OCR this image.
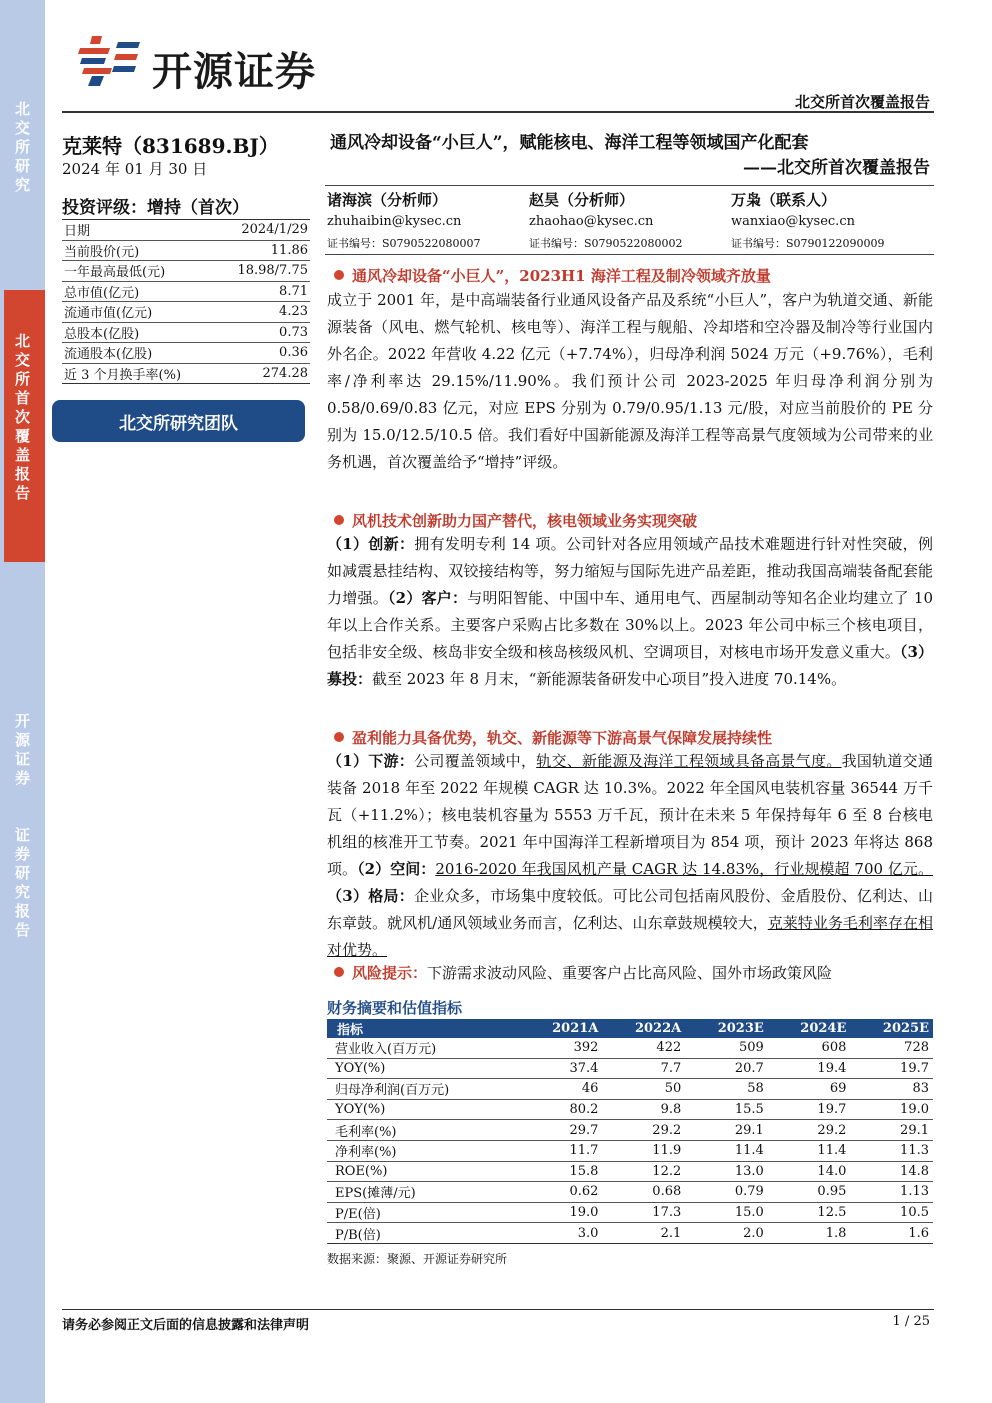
北
交
所
研
究

北
交
所
首
次
覆
盖
报
告

开
源
证
券

证
券
研
究
报
告

开源证券
北交所首次覆盖报告
克莱特（831689.BJ）
2024 年 01 月 30 日
投资评级：增持（首次）
日期	2024/1/29
当前股价(元)	11.86
一年最高最低(元)	18.98/7.75
总市值(亿元)	8.71
流通市值(亿元)	4.23
总股本(亿股)	0.73
流通股本(亿股)	0.36
近 3 个月换手率(%)	274.28
北交所研究团队
通风冷却设备“小巨人”，赋能核电、海洋工程等领域国产化配套
——北交所首次覆盖报告
诸海滨（分析师）
zhuhaibin@kysec.cn
证书编号：S0790522080007
赵昊（分析师）
zhaohao@kysec.cn
证书编号：S0790522080002
万枭（联系人）
wanxiao@kysec.cn
证书编号：S0790122090009
通风冷却设备“小巨人”，2023H1 海洋工程及制冷领域齐放量
成立于 2001 年，是中高端装备行业通风设备产品及系统“小巨人”，客户为轨道交通、新能源装备（风电、燃气轮机、核电等）、海洋工程与舰船、冷却塔和空冷器及制冷等行业国内外名企。2022 年营收 4.22 亿元（+7.74%），归母净利润 5024 万元（+9.76%），毛利率/净利率达 29.15%/11.90%。我们预计公司 2023-2025 年归母净利润分别为 0.58/0.69/0.83 亿元，对应 EPS 分别为 0.79/0.95/1.13 元/股，对应当前股价的 PE 分别为 15.0/12.5/10.5 倍。我们看好中国新能源及海洋工程等高景气度领域为公司带来的业务机遇，首次覆盖给予“增持”评级。
风机技术创新助力国产替代，核电领域业务实现突破
（1）创新：拥有发明专利 14 项。公司针对各应用领域产品技术难题进行针对性突破，例如减震悬挂结构、双铰接结构等，努力缩短与国际先进产品差距，推动我国高端装备配套能力增强。（2）客户：与明阳智能、中国中车、通用电气、西屋制动等知名企业均建立了 10 年以上合作关系。主要客户采购占比多数在 30%以上。2023 年公司中标三个核电项目，包括非安全级、核岛非安全级和核岛核级风机、空调项目，对核电市场开发意义重大。（3）募投：截至 2023 年 8 月末，“新能源装备研发中心项目”投入进度 70.14%。
盈利能力具备优势，轨交、新能源等下游高景气保障发展持续性
（1）下游：公司覆盖领域中，轨交、新能源及海洋工程领域具备高景气度。我国轨道交通装备 2018 年至 2022 年规模 CAGR 达 10.3%。2022 年全国风电装机容量 36544 万千瓦（+11.2%）；核电装机容量为 5553 万千瓦，预计在未来 5 年保持每年 6 至 8 台核电机组的核准开工节奏。2021 年中国海洋工程新增项目为 854 项，预计 2023 年将达 868 项。（2）空间：2016-2020 年我国风机产量 CAGR 达 14.83%，行业规模超 700 亿元。（3）格局：企业众多，市场集中度较低。可比公司包括南风股份、金盾股份、亿利达、山东章鼓。就风机/通风领域业务而言，亿利达、山东章鼓规模较大，克莱特业务毛利率存在相对优势。
风险提示：下游需求波动风险、重要客户占比高风险、国外市场政策风险
财务摘要和估值指标
指标	2021A	2022A	2023E	2024E	2025E
营业收入(百万元)	392	422	509	608	728
YOY(%)	37.4	7.7	20.7	19.4	19.7
归母净利润(百万元)	46	50	58	69	83
YOY(%)	80.2	9.8	15.5	19.7	19.0
毛利率(%)	29.7	29.2	29.1	29.2	29.1
净利率(%)	11.7	11.9	11.4	11.4	11.3
ROE(%)	15.8	12.2	13.0	14.0	14.8
EPS(摊薄/元)	0.62	0.68	0.79	0.95	1.13
P/E(倍)	19.0	17.3	15.0	12.5	10.5
P/B(倍)	3.0	2.1	2.0	1.8	1.6
数据来源：聚源、开源证券研究所
请务必参阅正文后面的信息披露和法律声明	1 / 25
